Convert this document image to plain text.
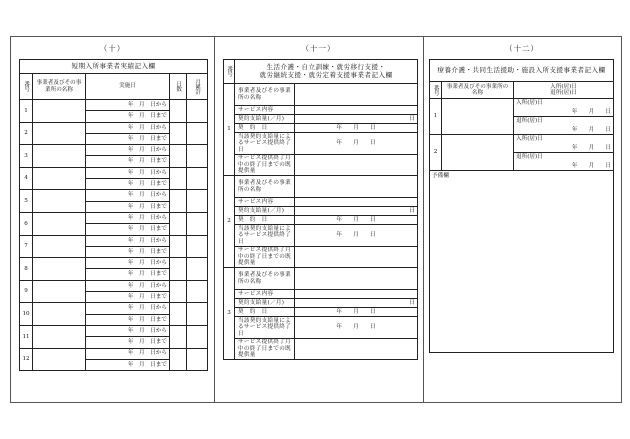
（十）
短期入所事業者実績記入欄				

番号	事業者及びその事業所の名称	実施日	日数	月累計

1		年　月　日から		
		年　月　日まで		
2		年　月　日から		
		年　月　日まで		
3		年　月　日から		
		年　月　日まで		
4		年　月　日から		
		年　月　日まで		
5		年　月　日から		
		年　月　日まで		
6		年　月　日から		
		年　月　日まで		
7		年　月　日から		
		年　月　日まで		
8		年　月　日から		
		年　月　日まで		
9		年　月　日から		
		年　月　日まで		
10		年　月　日から		
		年　月　日まで		
11		年　月　日から		
		年　月　日まで		
12		年　月　日から		
		年　月　日まで		
（十一）
番号	生活介護・自立訓練・就労移行支援・
就労継続支援・就労定着支援事業者記入欄	

1	事業者及びその事業所の名称	
	サービス内容	
	契約支給量(／月)	日
	契　約　日	年　　月　　日
	当該契約支給量によるサービス提供終了日	年　　月　　日
	サービス提供終了月中の終了日までの既提供量	
2	事業者及びその事業所の名称	
	サービス内容	
	契約支給量(／月)	日
	契　約　日	年　　月　　日
	当該契約支給量によるサービス提供終了日	年　　月　　日
	サービス提供終了月中の終了日までの既提供量	
3	事業者及びその事業所の名称	
	サービス内容	
	契約支給量(／月)	日
	契　約　日	年　　月　　日
	当該契約支給量によるサービス提供終了日	年　　月　　日
	サービス提供終了月中の終了日までの既提供量	
（十二）
療養介護・共同生活援助・施設入所支援事業者記入欄		

番号	事業者及びその事業所の名称	入所(居)日
退所(居)日
1		入所(居)日
		年　　月　　日
		退所(居)日
		年　　月　　日
2		入所(居)日
		年　　月　　日
		退所(居)日
		年　　月　　日
予備欄		
